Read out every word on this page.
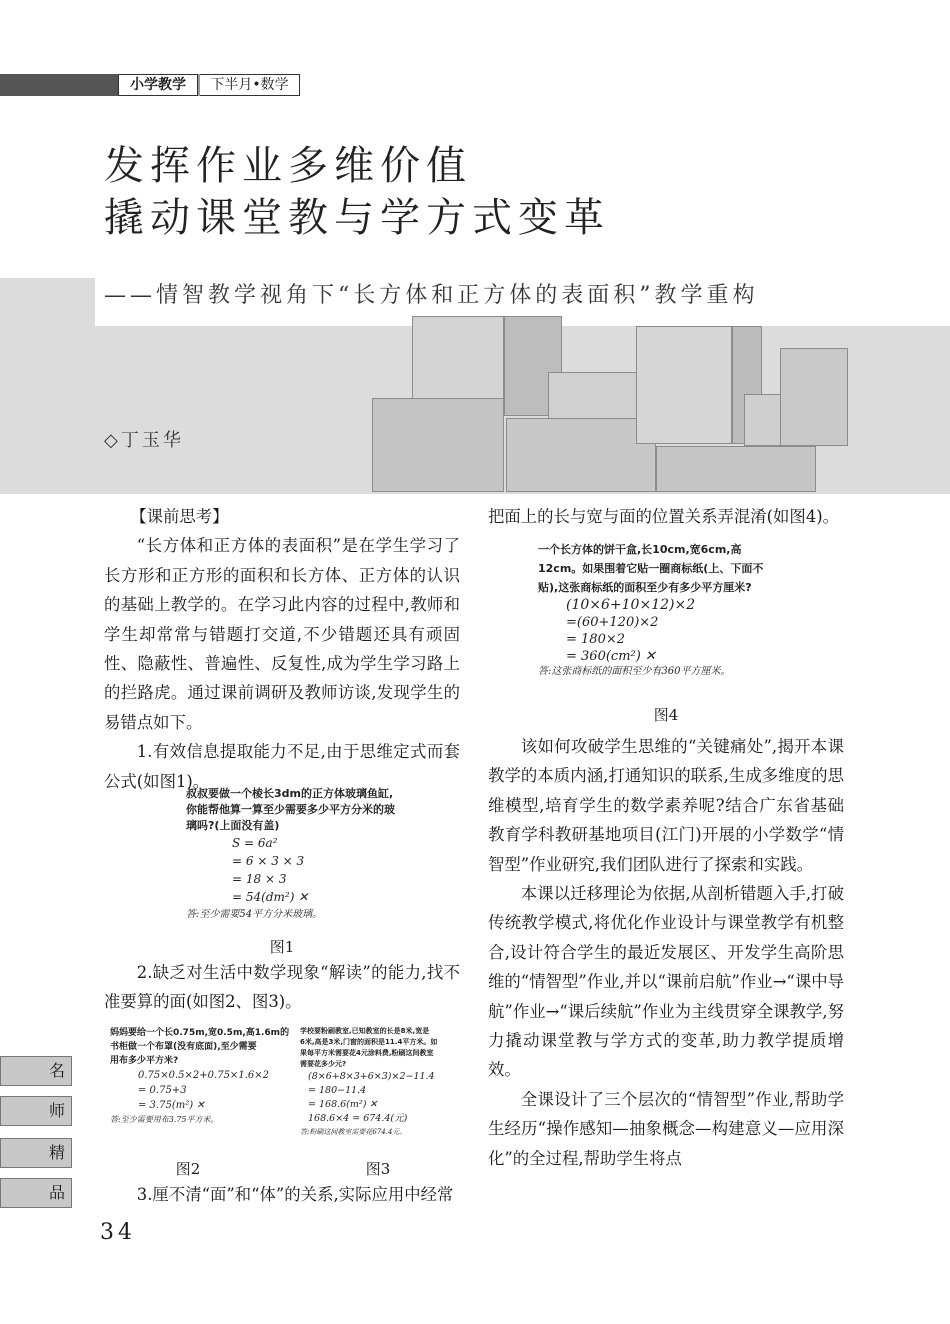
小学教学	下半月•数学
发挥作业多维价值
撬动课堂教与学方式变革
——情智教学视角下“长方体和正方体的表面积”教学重构
◇丁玉华

【课前思考】

“长方体和正方体的表面积”是在学生学习了长方形和正方形的面积和长方体、正方体的认识的基础上教学的。在学习此内容的过程中,教师和学生却常常与错题打交道,不少错题还具有顽固性、隐蔽性、普遍性、反复性,成为学生学习路上的拦路虎。通过课前调研及教师访谈,发现学生的易错点如下。

1.有效信息提取能力不足,由于思维定式而套公式(如图1)。

叔叔要做一个棱长3dm的正方体玻璃鱼缸,
你能帮他算一算至少需要多少平方分米的玻
璃吗?(上面没有盖)
S = 6a²
= 6 × 3 × 3
= 18 × 3
= 54(dm²) ✕
答:至少需要54平方分米玻璃。
图1

2.缺乏对生活中数学现象“解读”的能力,找不准要算的面(如图2、图3)。

妈妈要给一个长0.75m,宽0.5m,高1.6m的
书柜做一个布罩(没有底面),至少需要
用布多少平方米?
0.75×0.5×2+0.75×1.6×2
= 0.75+3
= 3.75(m²) ✕
答:至少需要用布3.75平方米。
学校要粉刷教室,已知教室的长是8米,宽是
6米,高是3米,门窗的面积是11.4平方米。如
果每平方米需要花4元涂料费,粉刷这间教室
需要花多少元?
(8×6+8×3+6×3)×2−11.4
= 180−11.4
= 168.6(m²) ✕
168.6×4 = 674.4(元)
答:粉刷这间教室需要花674.4元。
图2	图3

3.厘不清“面”和“体”的关系,实际应用中经常

把面上的长与宽与面的位置关系弄混淆(如图4)。

一个长方体的饼干盒,长10cm,宽6cm,高
12cm。如果围着它贴一圈商标纸(上、下面不
贴),这张商标纸的面积至少有多少平方厘米?
(10×6+10×12)×2
=(60+120)×2
= 180×2
= 360(cm²) ✕
答:这张商标纸的面积至少有360平方厘米。
图4

该如何攻破学生思维的“关键痛处”,揭开本课教学的本质内涵,打通知识的联系,生成多维度的思维模型,培育学生的数学素养呢?结合广东省基础教育学科教研基地项目(江门)开展的小学数学“情智型”作业研究,我们团队进行了探索和实践。

本课以迁移理论为依据,从剖析错题入手,打破传统教学模式,将优化作业设计与课堂教学有机整合,设计符合学生的最近发展区、开发学生高阶思维的“情智型”作业,并以“课前启航”作业→“课中导航”作业→“课后续航”作业为主线贯穿全课教学,努力撬动课堂教与学方式的变革,助力教学提质增效。

全课设计了三个层次的“情智型”作业,帮助学生经历“操作感知—抽象概念—构建意义—应用深化”的全过程,帮助学生将点

名
师
精
品
34
